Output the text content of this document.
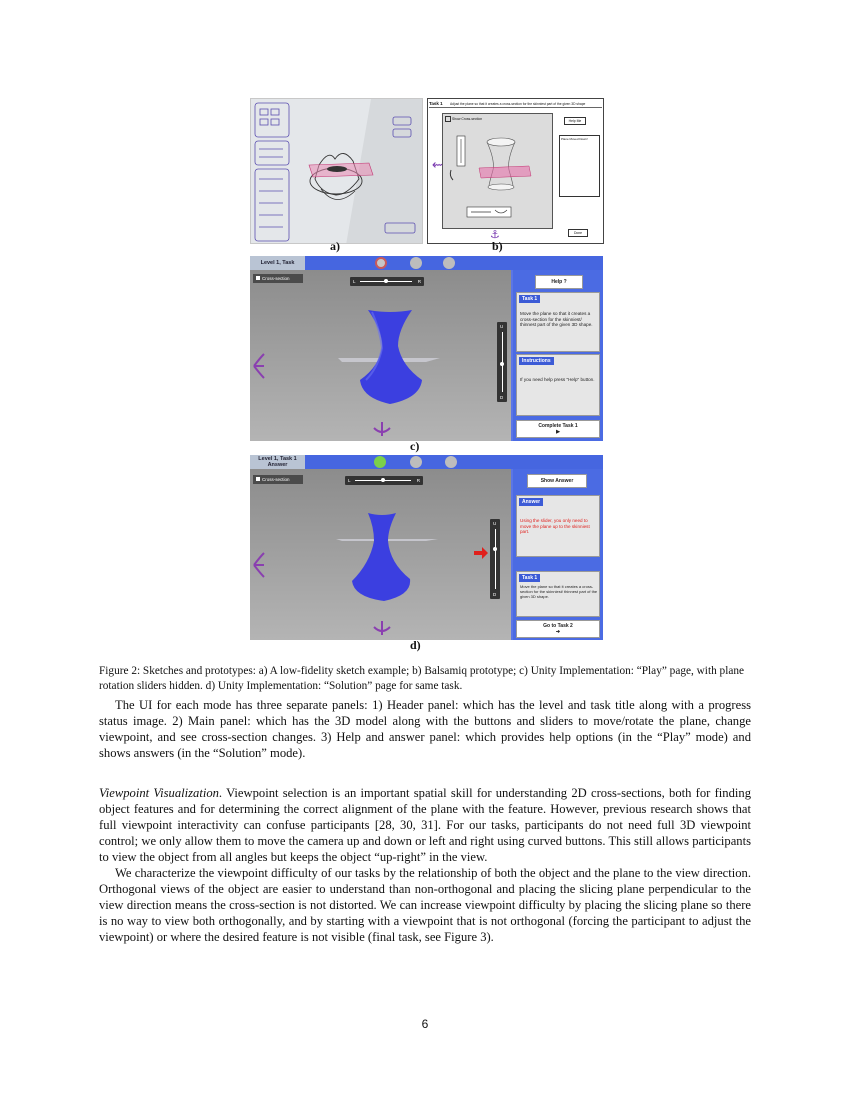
a)
Task 1 Adjust the plane so that it creates a cross-section for the skinniest part of the given 3D shape
Show Cross-section
Help Me
Plane Moved Down!
Done
⇜
⚓
b)
Level 1, Task
Cross-section
L	R
U
D
Help ?
Task 1
Move the plane so that it creates a cross-section for the skinniest/ thinnest part of the given 3D shape.
Instructions
If you need help press "Help" button.
Complete Task 1
▶
c)
Level 1, Task 1
Answer
Cross-section	L	R
U
D
Show Answer
Answer
Using the slider, you only need to move the plane up to the skinniest part.
Task 1
Move the plane so that it creates a cross-section for the skinniest/ thinnest part of the given 3D shape.
Go to Task 2
➔
d)
Figure 2: Sketches and prototypes: a) A low-fidelity sketch example; b) Balsamiq prototype; c) Unity Implementation: “Play” page, with plane rotation sliders hidden. d) Unity Implementation: “Solution” page for same task.
The UI for each mode has three separate panels: 1) Header panel: which has the level and task title along with a progress status image. 2) Main panel: which has the 3D model along with the buttons and sliders to move/rotate the plane, change viewpoint, and see cross-section changes. 3) Help and answer panel: which provides help options (in the “Play” mode) and shows answers (in the “Solution” mode).
Viewpoint Visualization. Viewpoint selection is an important spatial skill for understanding 2D cross-sections, both for finding object features and for determining the correct alignment of the plane with the feature. However, previous research shows that full viewpoint interactivity can confuse participants [28, 30, 31]. For our tasks, participants do not need full 3D viewpoint control; we only allow them to move the camera up and down or left and right using curved buttons. This still allows participants to view the object from all angles but keeps the object “up-right” in the view.
We characterize the viewpoint difficulty of our tasks by the relationship of both the object and the plane to the view direction. Orthogonal views of the object are easier to understand than non-orthogonal and placing the slicing plane perpendicular to the view direction means the cross-section is not distorted. We can increase viewpoint difficulty by placing the slicing plane so there is no way to view both orthogonally, and by starting with a viewpoint that is not orthogonal (forcing the participant to adjust the viewpoint) or where the desired feature is not visible (final task, see Figure 3).
6
